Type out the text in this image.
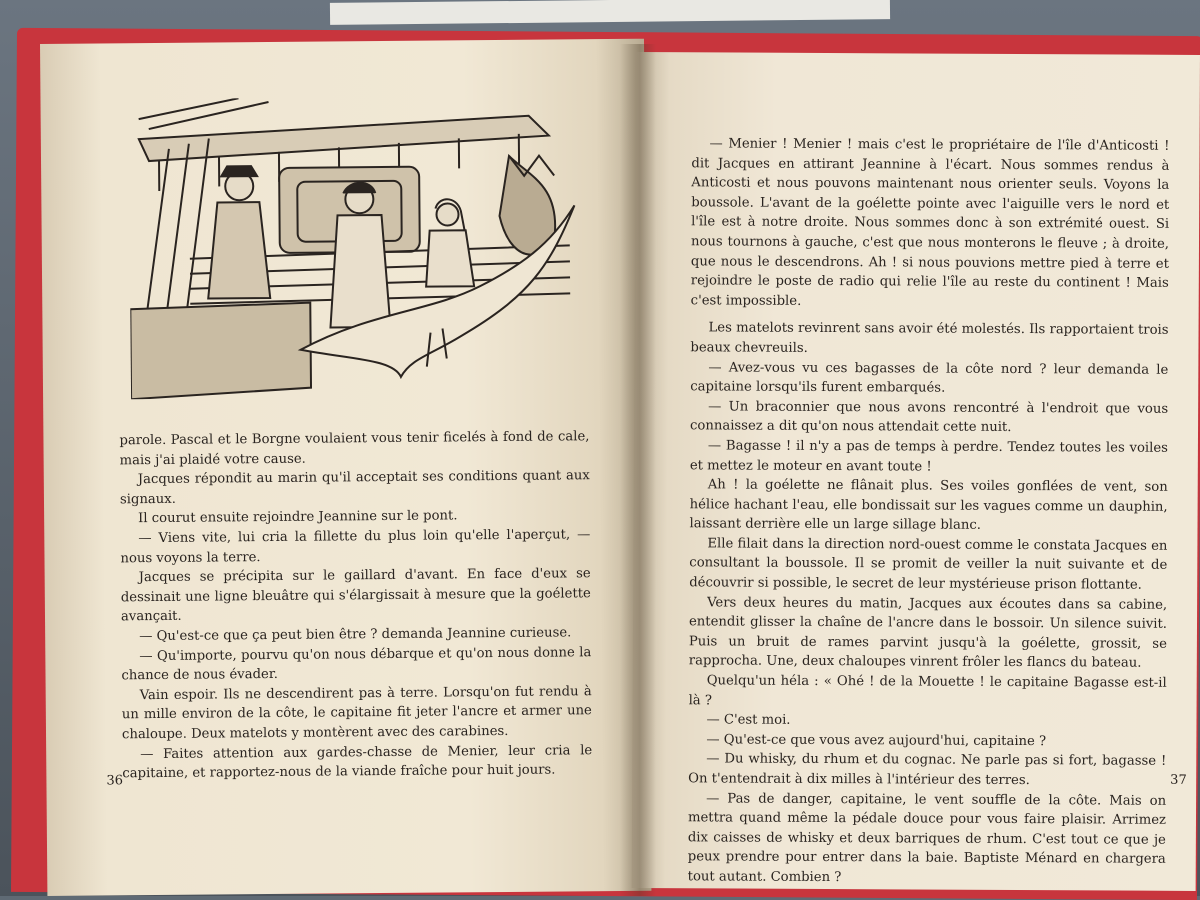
parole. Pascal et le Borgne voulaient vous tenir ficelés à fond de cale, mais j'ai plaidé votre cause.

Jacques répondit au marin qu'il acceptait ses conditions quant aux signaux.

Il courut ensuite rejoindre Jeannine sur le pont.

— Viens vite, lui cria la fillette du plus loin qu'elle l'aperçut, — nous voyons la terre.

Jacques se précipita sur le gaillard d'avant. En face d'eux se dessinait une ligne bleuâtre qui s'élargissait à mesure que la goélette avançait.

— Qu'est-ce que ça peut bien être ? demanda Jeannine curieuse.

— Qu'importe, pourvu qu'on nous débarque et qu'on nous donne la chance de nous évader.

Vain espoir. Ils ne descendirent pas à terre. Lorsqu'on fut rendu à un mille environ de la côte, le capitaine fit jeter l'ancre et armer une chaloupe. Deux matelots y montèrent avec des carabines.

— Faites attention aux gardes-chasse de Menier, leur cria le capitaine, et rapportez-nous de la viande fraîche pour huit jours.

36

— Menier ! Menier ! mais c'est le propriétaire de l'île d'Anticosti ! dit Jacques en attirant Jeannine à l'écart. Nous sommes rendus à Anticosti et nous pouvons maintenant nous orienter seuls. Voyons la boussole. L'avant de la goélette pointe avec l'aiguille vers le nord et l'île est à notre droite. Nous sommes donc à son extrémité ouest. Si nous tournons à gauche, c'est que nous monterons le fleuve ; à droite, que nous le descendrons. Ah ! si nous pouvions mettre pied à terre et rejoindre le poste de radio qui relie l'île au reste du continent ! Mais c'est impossible.

Les matelots revinrent sans avoir été molestés. Ils rapportaient trois beaux chevreuils.

— Avez-vous vu ces bagasses de la côte nord ? leur demanda le capitaine lorsqu'ils furent embarqués.

— Un braconnier que nous avons rencontré à l'endroit que vous connaissez a dit qu'on nous attendait cette nuit.

— Bagasse ! il n'y a pas de temps à perdre. Tendez toutes les voiles et mettez le moteur en avant toute !

Ah ! la goélette ne flânait plus. Ses voiles gonflées de vent, son hélice hachant l'eau, elle bondissait sur les vagues comme un dauphin, laissant derrière elle un large sillage blanc.

Elle filait dans la direction nord-ouest comme le constata Jacques en consultant la boussole. Il se promit de veiller la nuit suivante et de découvrir si possible, le secret de leur mystérieuse prison flottante.

Vers deux heures du matin, Jacques aux écoutes dans sa cabine, entendit glisser la chaîne de l'ancre dans le bossoir. Un silence suivit. Puis un bruit de rames parvint jusqu'à la goélette, grossit, se rapprocha. Une, deux chaloupes vinrent frôler les flancs du bateau.

Quelqu'un héla : « Ohé ! de la Mouette ! le capitaine Bagasse est-il là ?

— C'est moi.

— Qu'est-ce que vous avez aujourd'hui, capitaine ?

— Du whisky, du rhum et du cognac. Ne parle pas si fort, bagasse ! On t'entendrait à dix milles à l'intérieur des terres.

— Pas de danger, capitaine, le vent souffle de la côte. Mais on mettra quand même la pédale douce pour vous faire plaisir. Arrimez dix caisses de whisky et deux barriques de rhum. C'est tout ce que je peux prendre pour entrer dans la baie. Baptiste Ménard en chargera tout autant. Combien ?

37
